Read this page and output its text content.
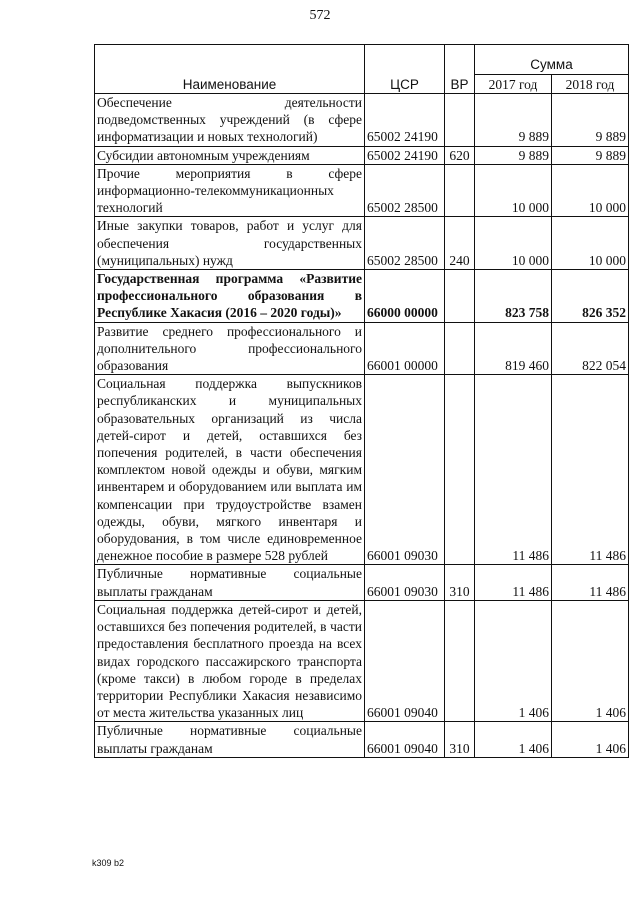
572
Наименование	ЦСР	ВР	Сумма	
			2017 год	2018 год
Обеспечение деятельности подведомственных учреждений (в сфере информатизации и новых технологий)	65002 24190		9 889	9 889
Субсидии автономным учреждениям	65002 24190	620	9 889	9 889
Прочие мероприятия в сфере информационно-телекоммуникационных технологий	65002 28500		10 000	10 000
Иные закупки товаров, работ и услуг для обеспечения государственных (муниципальных) нужд	65002 28500	240	10 000	10 000
Государственная программа «Развитие профессионального образования в Республике Хакасия (2016 – 2020 годы)»	66000 00000		823 758	826 352
Развитие среднего профессионального и дополнительного профессионального образования	66001 00000		819 460	822 054
Социальная поддержка выпускников республиканских и муниципальных образовательных организаций из числа детей-сирот и детей, оставшихся без попечения родителей, в части обеспечения комплектом новой одежды и обуви, мягким инвентарем и оборудованием или выплата им компенсации при трудоустройстве взамен одежды, обуви, мягкого инвентаря и оборудования, в том числе единовременное денежное пособие в размере 528 рублей	66001 09030		11 486	11 486
Публичные нормативные социальные выплаты гражданам	66001 09030	310	11 486	11 486
Социальная поддержка детей-сирот и детей, оставшихся без попечения родителей, в части предоставления бесплатного проезда на всех видах городского пассажирского транспорта (кроме такси) в любом городе в пределах территории Республики Хакасия независимо от места жительства указанных лиц	66001 09040		1 406	1 406
Публичные нормативные социальные выплаты гражданам	66001 09040	310	1 406	1 406
k309 b2
